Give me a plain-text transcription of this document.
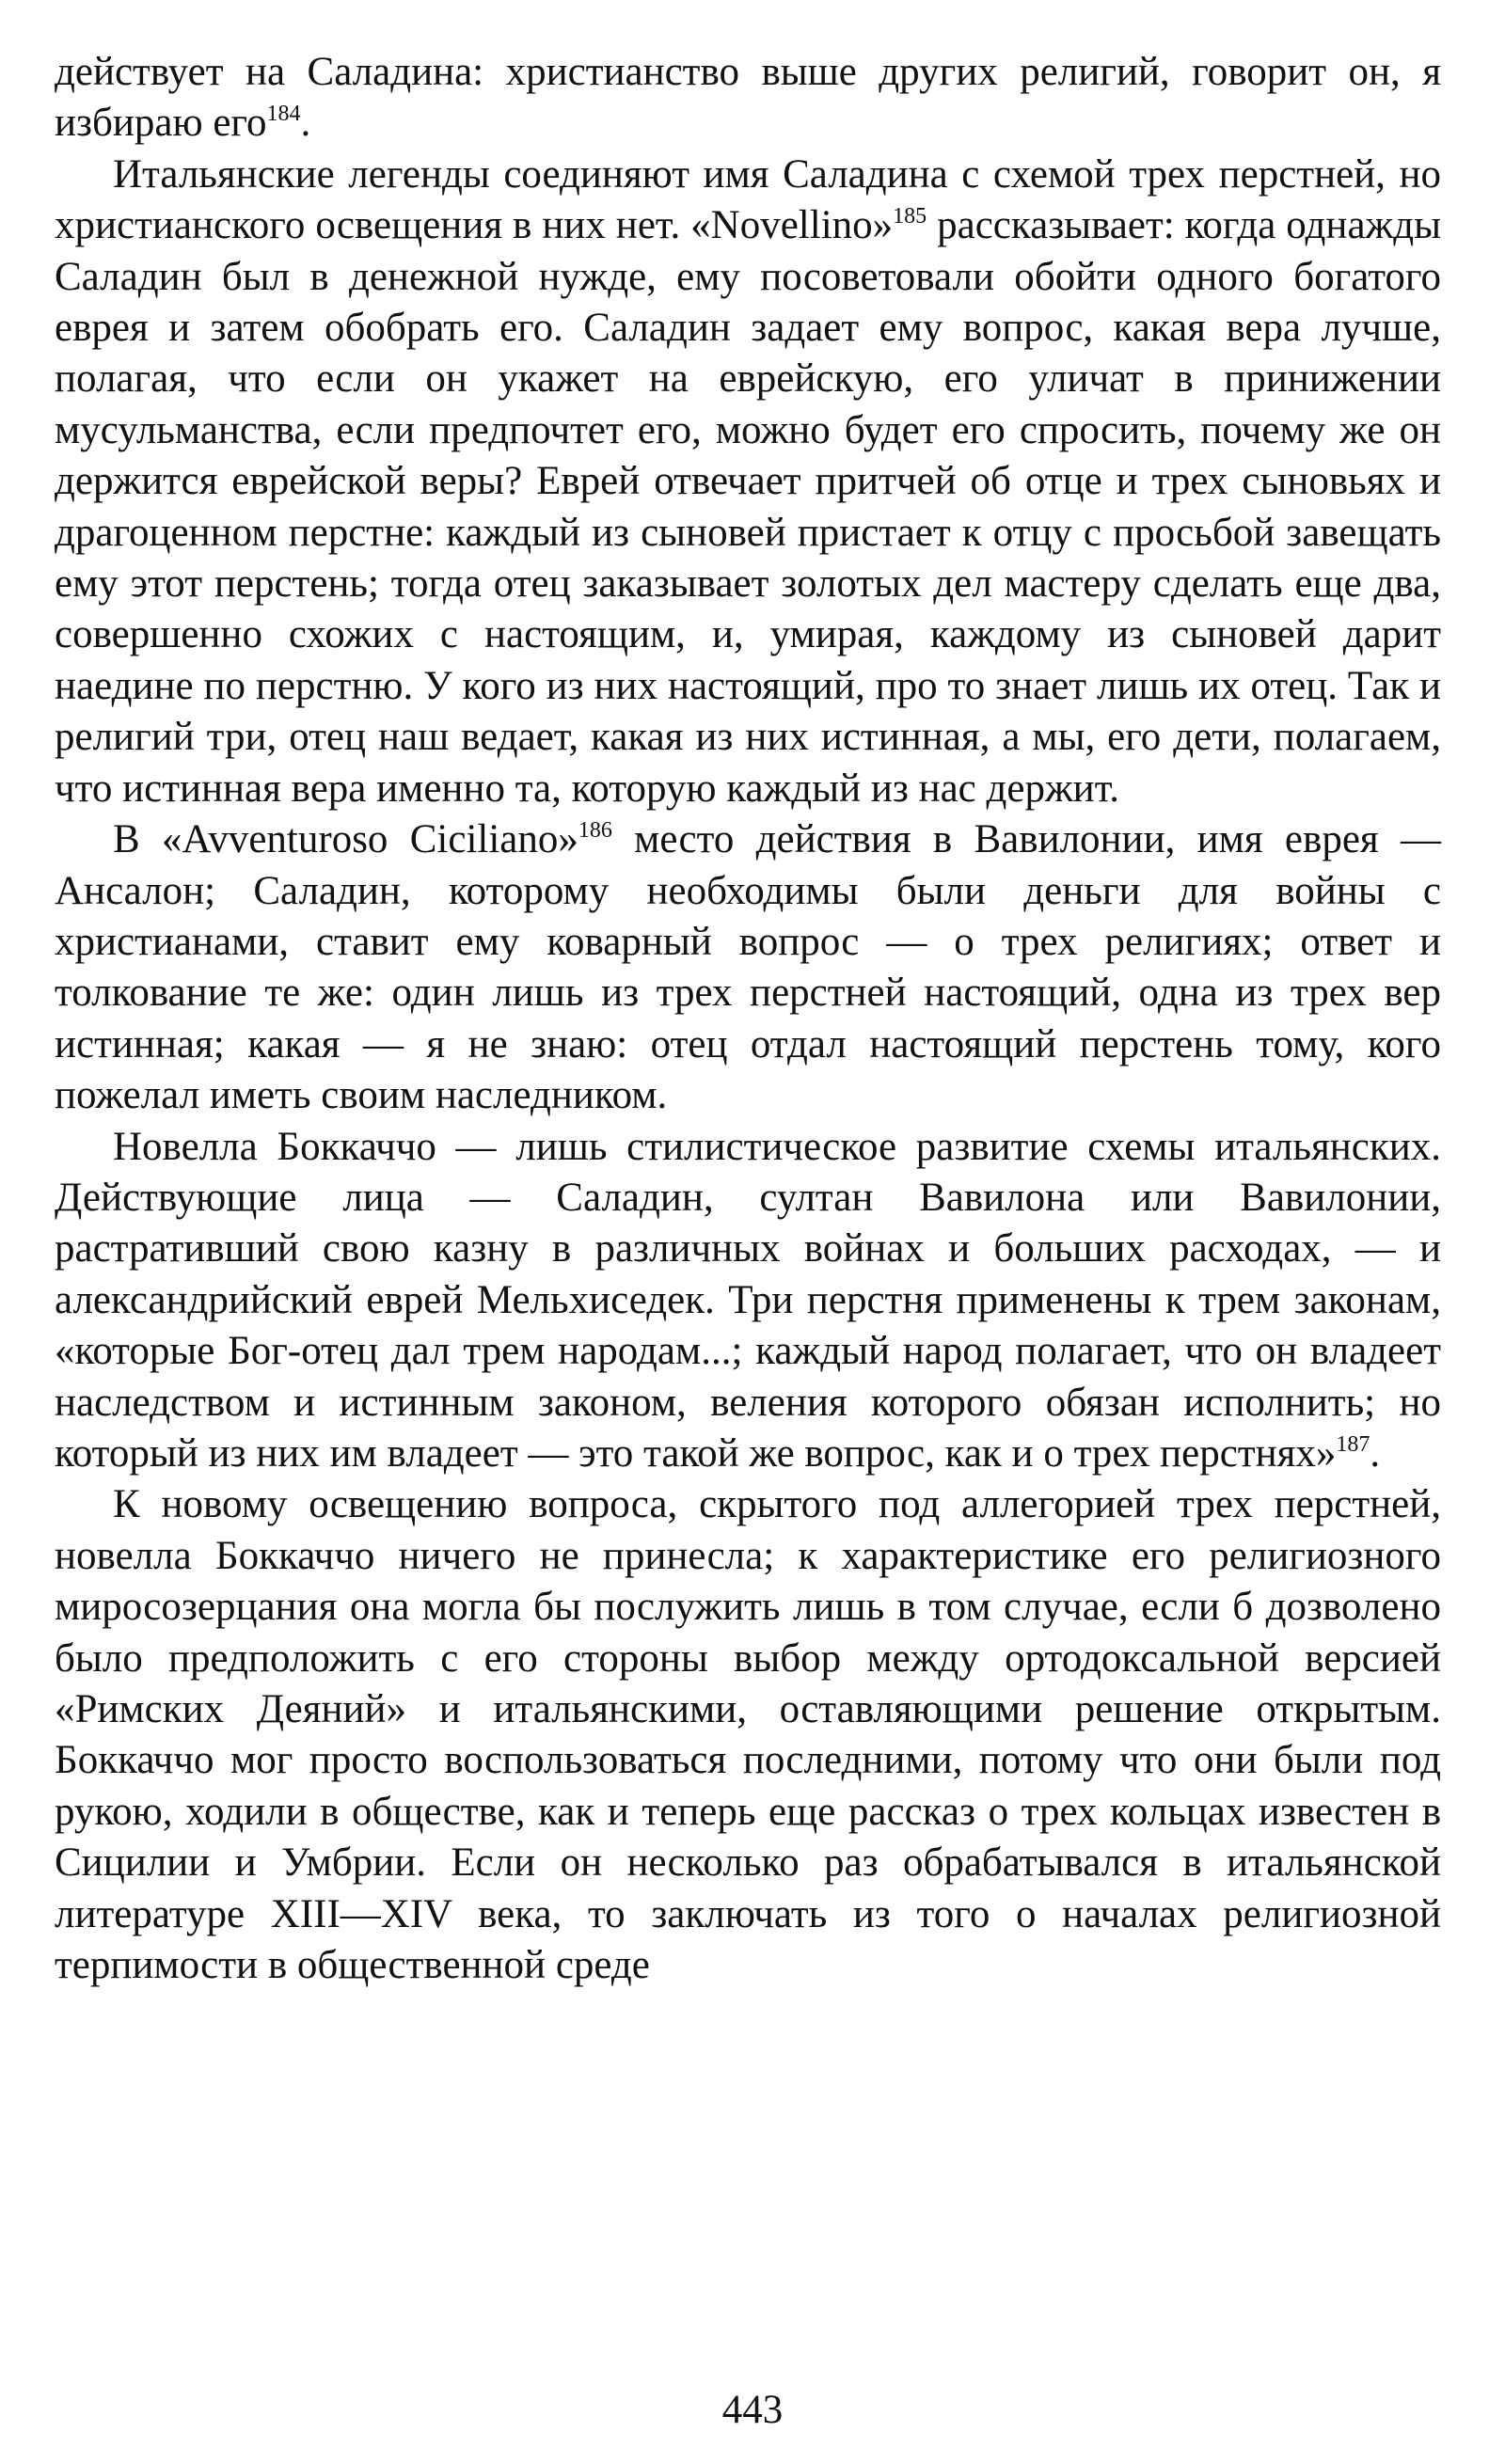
действует на Саладина: христианство выше других религий, говорит он, я избираю его$^{184}$.

Итальянские легенды соединяют имя Саладина с схемой трех перстней, но христианского освещения в них нет. «Novellino»$^{185}$ рассказывает: когда однажды Саладин был в денежной нужде, ему посоветовали обойти одного богатого еврея и затем обобрать его. Саладин задает ему вопрос, какая вера лучше, полагая, что если он укажет на еврейскую, его уличат в принижении мусульманства, если предпочтет его, можно будет его спросить, почему же он держится еврейской веры? Еврей отвечает притчей об отце и трех сыновьях и драгоценном перстне: каждый из сыновей пристает к отцу с просьбой завещать ему этот перстень; тогда отец заказывает золотых дел мастеру сделать еще два, совершенно схожих с настоящим, и, умирая, каждому из сыновей дарит наедине по перстню. У кого из них настоящий, про то знает лишь их отец. Так и религий три, отец наш ведает, какая из них истинная, а мы, его дети, полагаем, что истинная вера именно та, которую каждый из нас держит.

В «Avventuroso Ciciliano»$^{186}$ место действия в Вавилонии, имя еврея — Ансалон; Саладин, которому необходимы были деньги для войны с христианами, ставит ему коварный вопрос — о трех религиях; ответ и толкование те же: один лишь из трех перстней настоящий, одна из трех вер истинная; какая — я не знаю: отец отдал настоящий перстень тому, кого пожелал иметь своим наследником.

Новелла Боккаччо — лишь стилистическое развитие схемы итальянских. Действующие лица — Саладин, султан Вавилона или Вавилонии, растративший свою казну в различных войнах и больших расходах, — и александрийский еврей Мельхиседек. Три перстня применены к трем законам, «которые Бог-отец дал трем народам...; каждый народ полагает, что он владеет наследством и истинным законом, веления которого обязан исполнить; но который из них им владеет — это такой же вопрос, как и о трех перстнях»$^{187}$.

К новому освещению вопроса, скрытого под аллегорией трех перстней, новелла Боккаччо ничего не принесла; к характеристике его религиозного миросозерцания она могла бы послужить лишь в том случае, если б дозволено было предположить с его стороны выбор между ортодоксальной версией «Римских Деяний» и итальянскими, оставляющими решение открытым. Боккаччо мог просто воспользоваться последними, потому что они были под рукою, ходили в обществе, как и теперь еще рассказ о трех кольцах известен в Сицилии и Умбрии. Если он несколько раз обрабатывался в итальянской литературе XIII—XIV века, то заключать из того о началах религиозной терпимости в общественной среде

443
